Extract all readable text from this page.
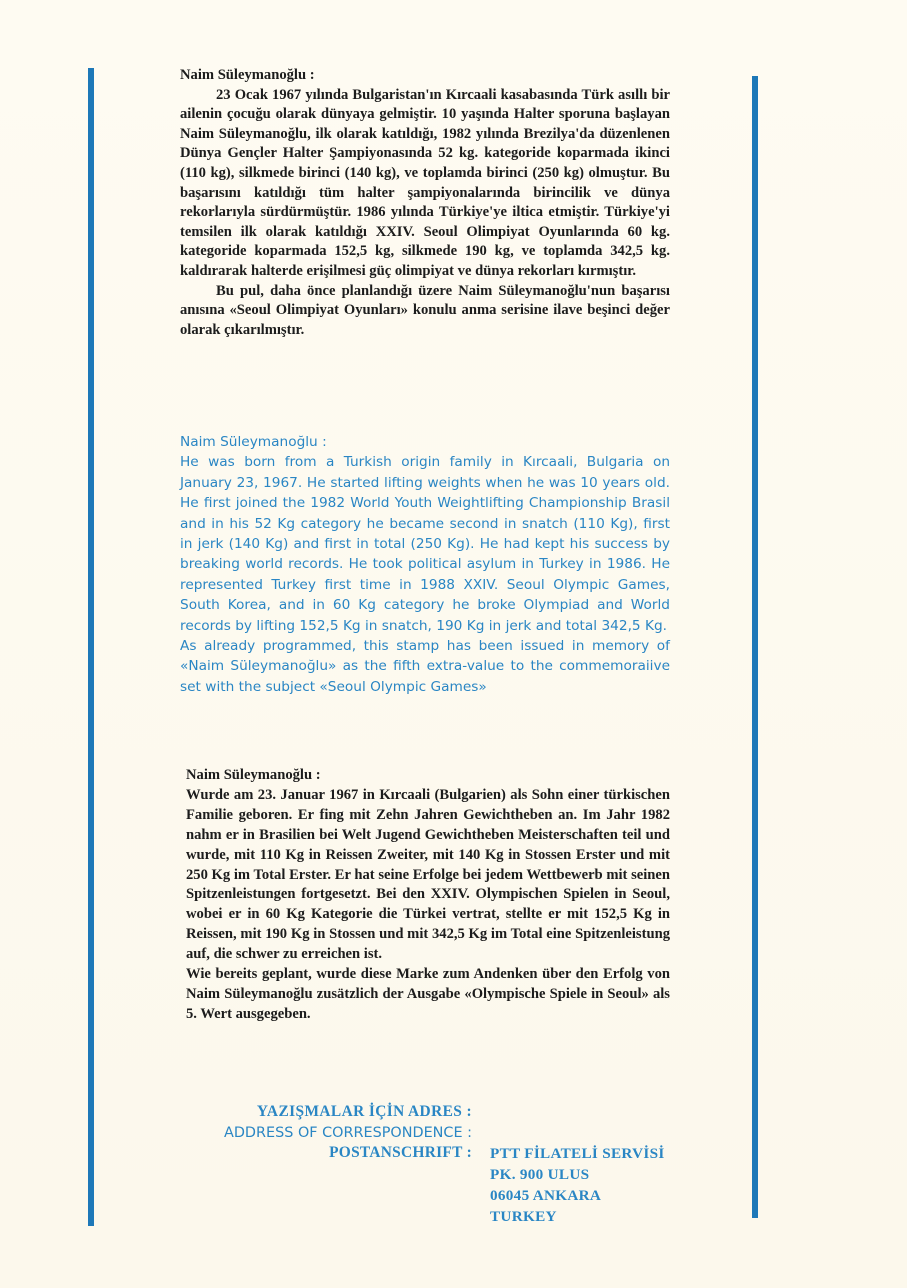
Naim Süleymanoğlu :
23 Ocak 1967 yılında Bulgaristan'ın Kırcaali kasabasında Türk asıllı bir ailenin çocuğu olarak dünyaya gelmiştir. 10 yaşında Halter sporuna başlayan Naim Süleymanoğlu, ilk olarak katıldığı, 1982 yılında Brezilya'da düzenlenen Dünya Gençler Halter Şampiyonasında 52 kg. kategoride koparmada ikinci (110 kg), silkmede birinci (140 kg), ve toplamda birinci (250 kg) olmuştur. Bu başarısını katıldığı tüm halter şampiyonalarında birincilik ve dünya rekorlarıyla sürdürmüştür. 1986 yılında Türkiye'ye iltica etmiştir. Türkiye'yi temsilen ilk olarak katıldığı XXIV. Seoul Olimpiyat Oyunlarında 60 kg. kategoride koparmada 152,5 kg, silkmede 190 kg, ve toplamda 342,5 kg. kaldırarak halterde erişilmesi güç olimpiyat ve dünya rekorları kırmıştır.
Bu pul, daha önce planlandığı üzere Naim Süleymanoğlu'nun başarısı anısına «Seoul Olimpiyat Oyunları» konulu anma serisine ilave beşinci değer olarak çıkarılmıştır.
Naim Süleymanoğlu :
He was born from a Turkish origin family in Kırcaali, Bulgaria on January 23, 1967. He started lifting weights when he was 10 years old. He first joined the 1982 World Youth Weightlifting Championship Brasil and in his 52 Kg category he became second in snatch (110 Kg), first in jerk (140 Kg) and first in total (250 Kg). He had kept his success by breaking world records. He took political asylum in Turkey in 1986. He represented Turkey first time in 1988 XXIV. Seoul Olympic Games, South Korea, and in 60 Kg category he broke Olympiad and World records by lifting 152,5 Kg in snatch, 190 Kg in jerk and total 342,5 Kg.
As already programmed, this stamp has been issued in memory of «Naim Süleymanoğlu» as the fifth extra-value to the commemoraiive set with the subject «Seoul Olympic Games»
Naim Süleymanoğlu :
Wurde am 23. Januar 1967 in Kırcaali (Bulgarien) als Sohn einer türkischen Familie geboren. Er fing mit Zehn Jahren Gewichtheben an. Im Jahr 1982 nahm er in Brasilien bei Welt Jugend Gewichtheben Meisterschaften teil und wurde, mit 110 Kg in Reissen Zweiter, mit 140 Kg in Stossen Erster und mit 250 Kg im Total Erster. Er hat seine Erfolge bei jedem Wettbewerb mit seinen Spitzenleistungen fortgesetzt. Bei den XXIV. Olympischen Spielen in Seoul, wobei er in 60 Kg Kategorie die Türkei vertrat, stellte er mit 152,5 Kg in Reissen, mit 190 Kg in Stossen und mit 342,5 Kg im Total eine Spitzenleistung auf, die schwer zu erreichen ist.
Wie bereits geplant, wurde diese Marke zum Andenken über den Erfolg von Naim Süleymanoğlu zusätzlich der Ausgabe «Olympische Spiele in Seoul» als 5. Wert ausgegeben.
YAZIŞMALAR İÇİN ADRES :
ADDRESS OF CORRESPONDENCE :
POSTANSCHRIFT : PTT FİLATELİ SERVİSİ
PK. 900 ULUS
06045 ANKARA
TURKEY
